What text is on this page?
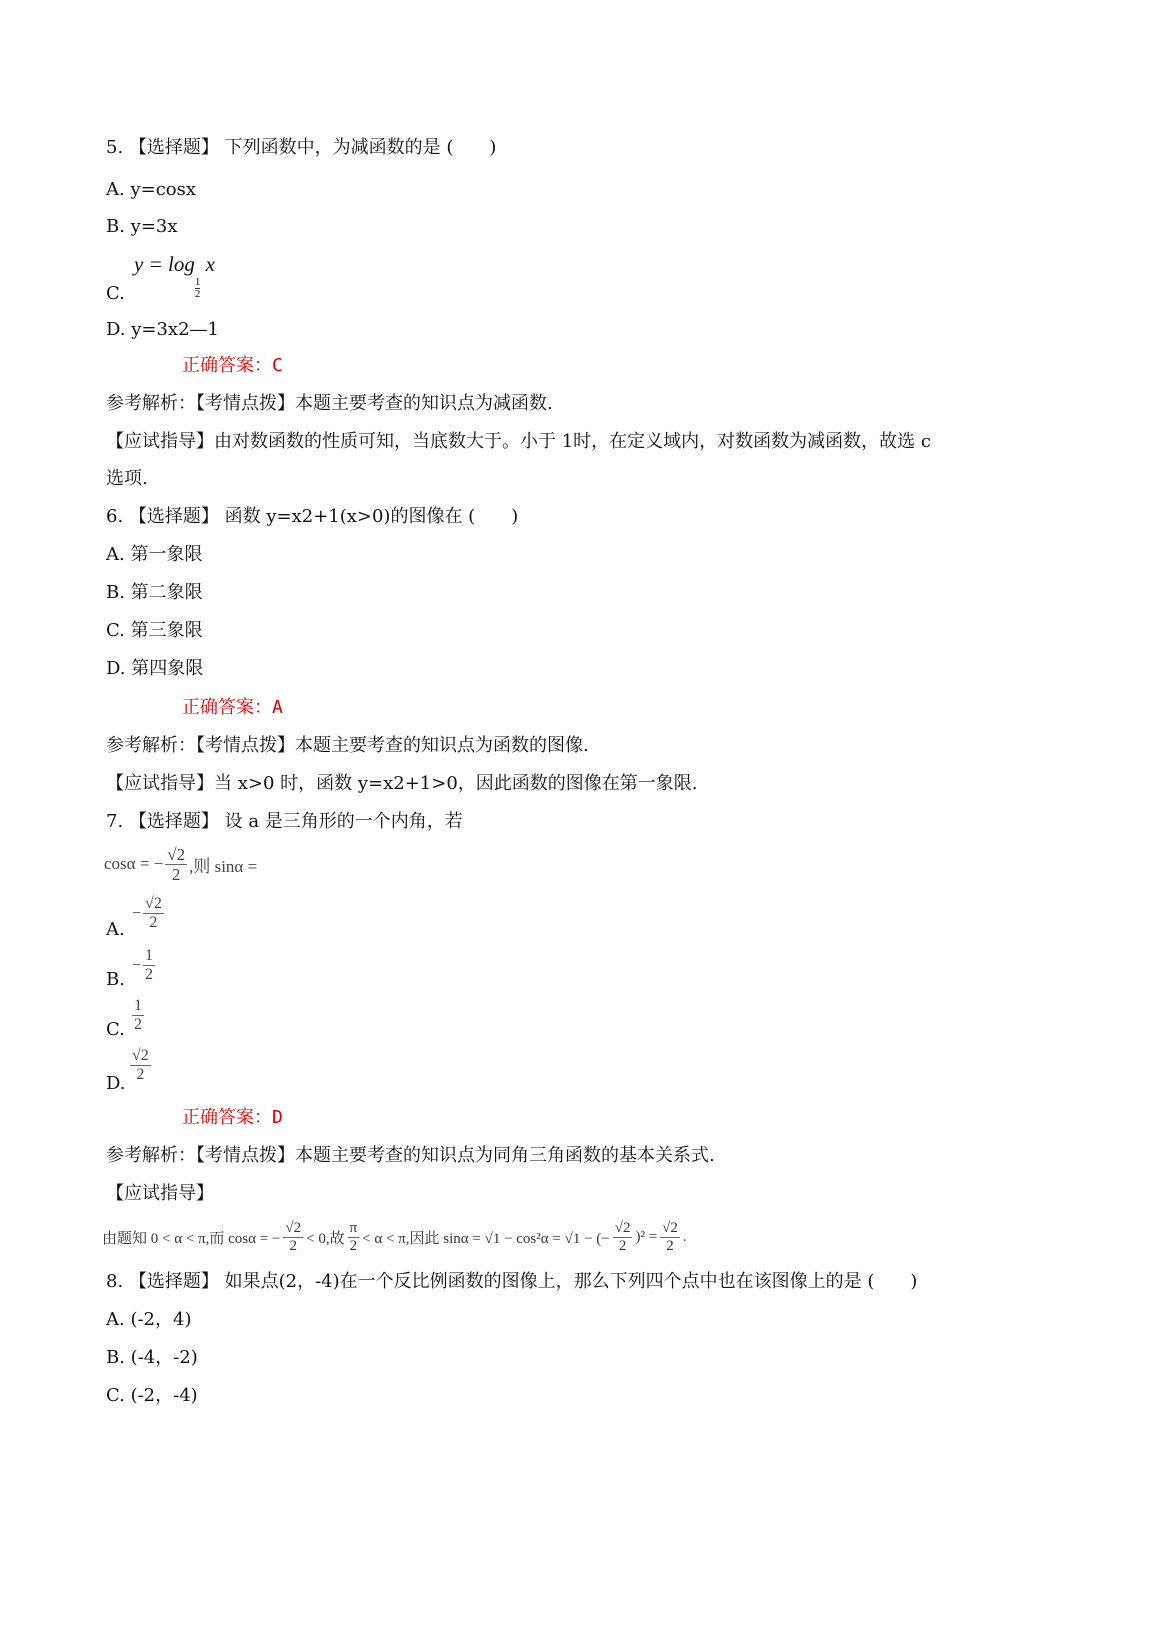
5. 【选择题】 下列函数中，为减函数的是 (　　)
A. y=cosx
B. y=3x
y = log
$\frac{1}{2}$
x
C.
D. y=3x2—1
正确答案：C
参考解析：【考情点拨】本题主要考查的知识点为减函数.
【应试指导】由对数函数的性质可知，当底数大于。小于 1时，在定义域内，对数函数为减函数，故选 c
选项.
6. 【选择题】 函数 y=x2+1(x>0)的图像在 (　　)
A. 第一象限
B. 第二象限
C. 第三象限
D. 第四象限
正确答案：A
参考解析：【考情点拨】本题主要考查的知识点为函数的图像.
【应试指导】当 x>0 时，函数 y=x2+1>0，因此函数的图像在第一象限.
7. 【选择题】 设 a 是三角形的一个内角，若
cosα = − $\frac{√2}{2}$ ,则 sinα =
A.
− $\frac{√2}{2}$
B.
− $\frac{1}{2}$
C. $\frac{1}{2}$
D.
$\frac{√2}{2}$
正确答案：D
参考解析：【考情点拨】本题主要考查的知识点为同角三角函数的基本关系式.
【应试指导】
由题知 0 < α < π,而 cosα = − $\frac{√2}{2} < 0$,故 $\frac{\pi}{2} < \alpha < \pi$,因此 sinα = √1 − cos²α = √1 − (− $\frac{√2}{2} )^2 = \frac{√2}{2}$ .
8. 【选择题】 如果点(2，-4)在一个反比例函数的图像上，那么下列四个点中也在该图像上的是 (　　)
A. (-2，4)
B. (-4，-2)
C. (-2，-4)
